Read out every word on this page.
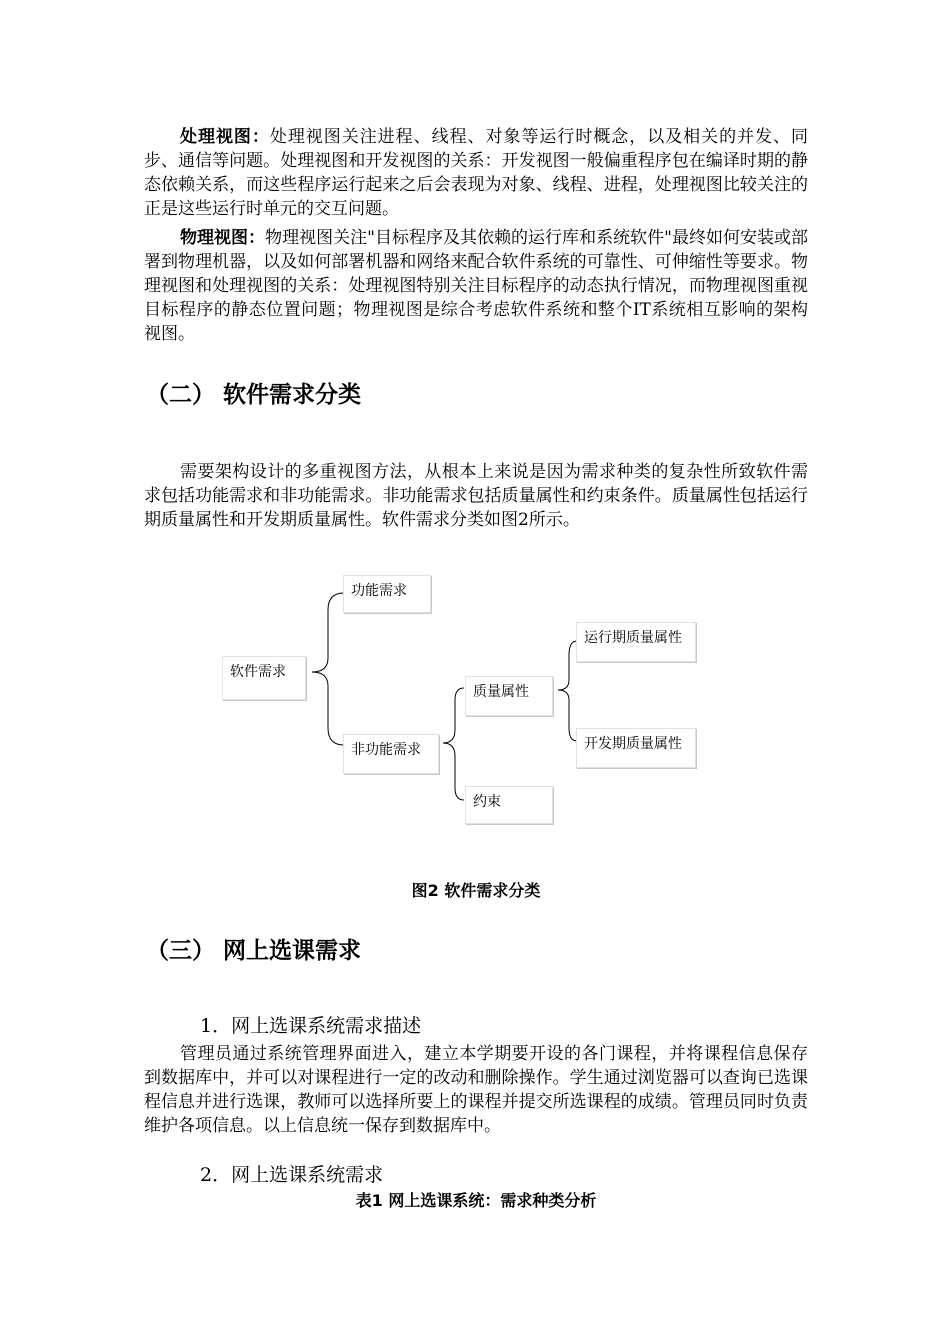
处理视图：处理视图关注进程、线程、对象等运行时概念，以及相关的并发、同步、通信等问题。处理视图和开发视图的关系：开发视图一般偏重程序包在编译时期的静态依赖关系，而这些程序运行起来之后会表现为对象、线程、进程，处理视图比较关注的正是这些运行时单元的交互问题。

物理视图：物理视图关注"目标程序及其依赖的运行库和系统软件"最终如何安装或部署到物理机器，以及如何部署机器和网络来配合软件系统的可靠性、可伸缩性等要求。物理视图和处理视图的关系：处理视图特别关注目标程序的动态执行情况，而物理视图重视目标程序的静态位置问题；物理视图是综合考虑软件系统和整个IT系统相互影响的架构视图。

（二） 软件需求分类

需要架构设计的多重视图方法，从根本上来说是因为需求种类的复杂性所致软件需求包括功能需求和非功能需求。非功能需求包括质量属性和约束条件。质量属性包括运行期质量属性和开发期质量属性。软件需求分类如图2所示。

软件需求
功能需求
非功能需求
质量属性
约束
运行期质量属性
开发期质量属性

图2 软件需求分类

（三） 网上选课需求

1．网上选课系统需求描述

管理员通过系统管理界面进入，建立本学期要开设的各门课程，并将课程信息保存到数据库中，并可以对课程进行一定的改动和删除操作。学生通过浏览器可以查询已选课程信息并进行选课，教师可以选择所要上的课程并提交所选课程的成绩。管理员同时负责维护各项信息。以上信息统一保存到数据库中。

2．网上选课系统需求

表1 网上选课系统：需求种类分析
